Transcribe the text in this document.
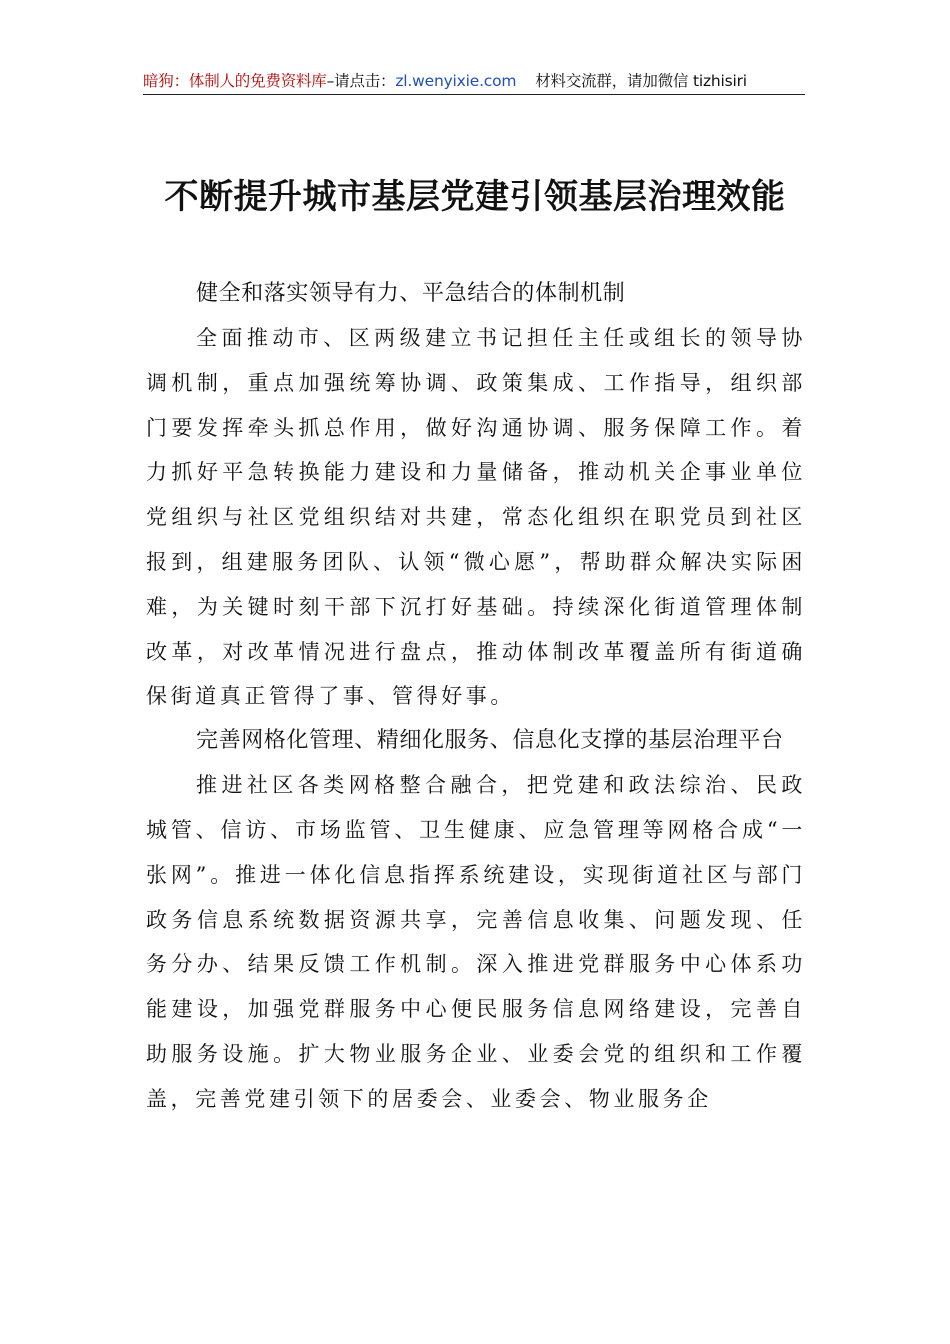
暗狗：体制人的免费资料库–请点击：zl.wenyixie.com 材料交流群，请加微信 tizhisiri
不断提升城市基层党建引领基层治理效能

健全和落实领导有力、平急结合的体制机制

全面推动市、区两级建立书记担任主任或组长的领导协调机制，重点加强统筹协调、政策集成、工作指导，组织部门要发挥牵头抓总作用，做好沟通协调、服务保障工作。着力抓好平急转换能力建设和力量储备，推动机关企事业单位党组织与社区党组织结对共建，常态化组织在职党员到社区报到，组建服务团队、认领“微心愿”，帮助群众解决实际困难，为关键时刻干部下沉打好基础。持续深化街道管理体制改革，对改革情况进行盘点，推动体制改革覆盖所有街道确保街道真正管得了事、管得好事。

完善网格化管理、精细化服务、信息化支撑的基层治理平台

推进社区各类网格整合融合，把党建和政法综治、民政城管、信访、市场监管、卫生健康、应急管理等网格合成“一张网”。推进一体化信息指挥系统建设，实现街道社区与部门政务信息系统数据资源共享，完善信息收集、问题发现、任务分办、结果反馈工作机制。深入推进党群服务中心体系功能建设，加强党群服务中心便民服务信息网络建设，完善自助服务设施。扩大物业服务企业、业委会党的组织和工作覆盖，完善党建引领下的居委会、业委会、物业服务企
